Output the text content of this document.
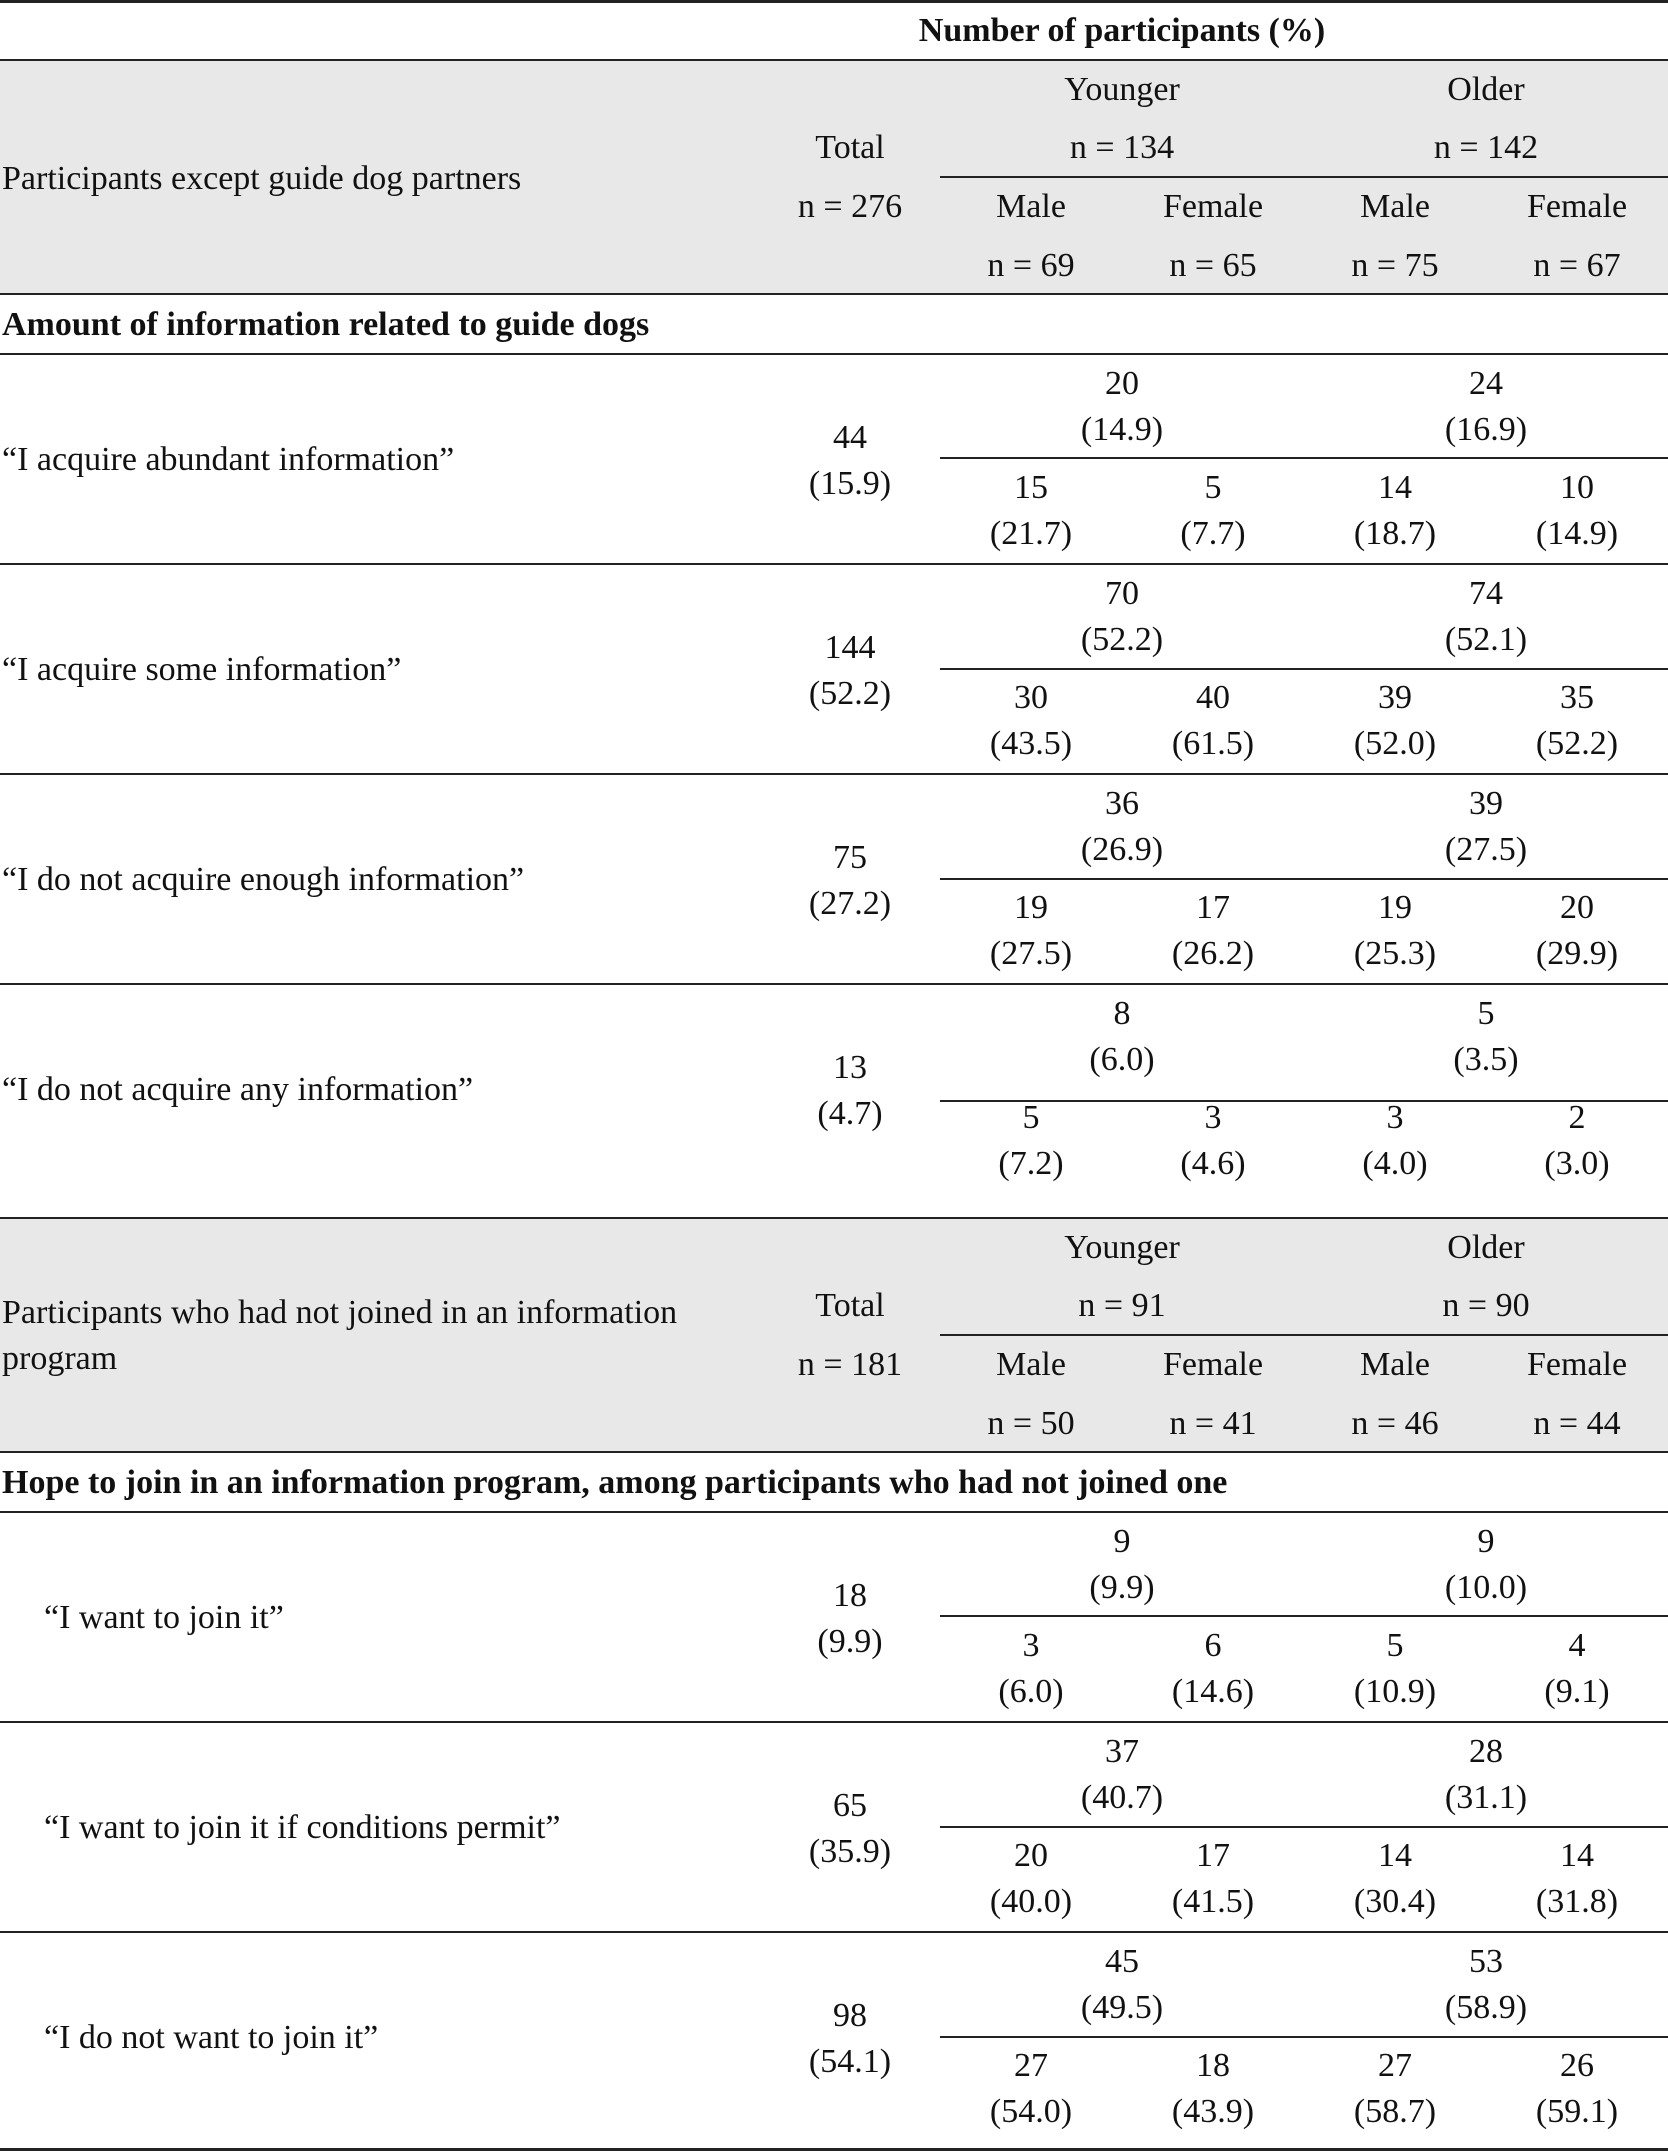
Number of participants (%)
Participants except guide dog partners
Total
n = 276
Younger
n = 134
Older
n = 142
Male
n = 69
Female
n = 65
Male
n = 75
Female
n = 67
Amount of information related to guide dogs
Participants who had not joined in an information
program
Total
n = 181
Younger
n = 91
Older
n = 90
Male
n = 50
Female
n = 41
Male
n = 46
Female
n = 44
Hope to join in an information program, among participants who had not joined one
“I acquire abundant information”
44
(15.9)
20
(14.9)
24
(16.9)
15
(21.7)
5
(7.7)
14
(18.7)
10
(14.9)
“I acquire some information”
144
(52.2)
70
(52.2)
74
(52.1)
30
(43.5)
40
(61.5)
39
(52.0)
35
(52.2)
“I do not acquire enough information”
75
(27.2)
36
(26.9)
39
(27.5)
19
(27.5)
17
(26.2)
19
(25.3)
20
(29.9)
“I do not acquire any information”
13
(4.7)
8
(6.0)
5
(3.5)
5
(7.2)
3
(4.6)
3
(4.0)
2
(3.0)
“I want to join it”
18
(9.9)
9
(9.9)
9
(10.0)
3
(6.0)
6
(14.6)
5
(10.9)
4
(9.1)
“I want to join it if conditions permit”
65
(35.9)
37
(40.7)
28
(31.1)
20
(40.0)
17
(41.5)
14
(30.4)
14
(31.8)
“I do not want to join it”
98
(54.1)
45
(49.5)
53
(58.9)
27
(54.0)
18
(43.9)
27
(58.7)
26
(59.1)
